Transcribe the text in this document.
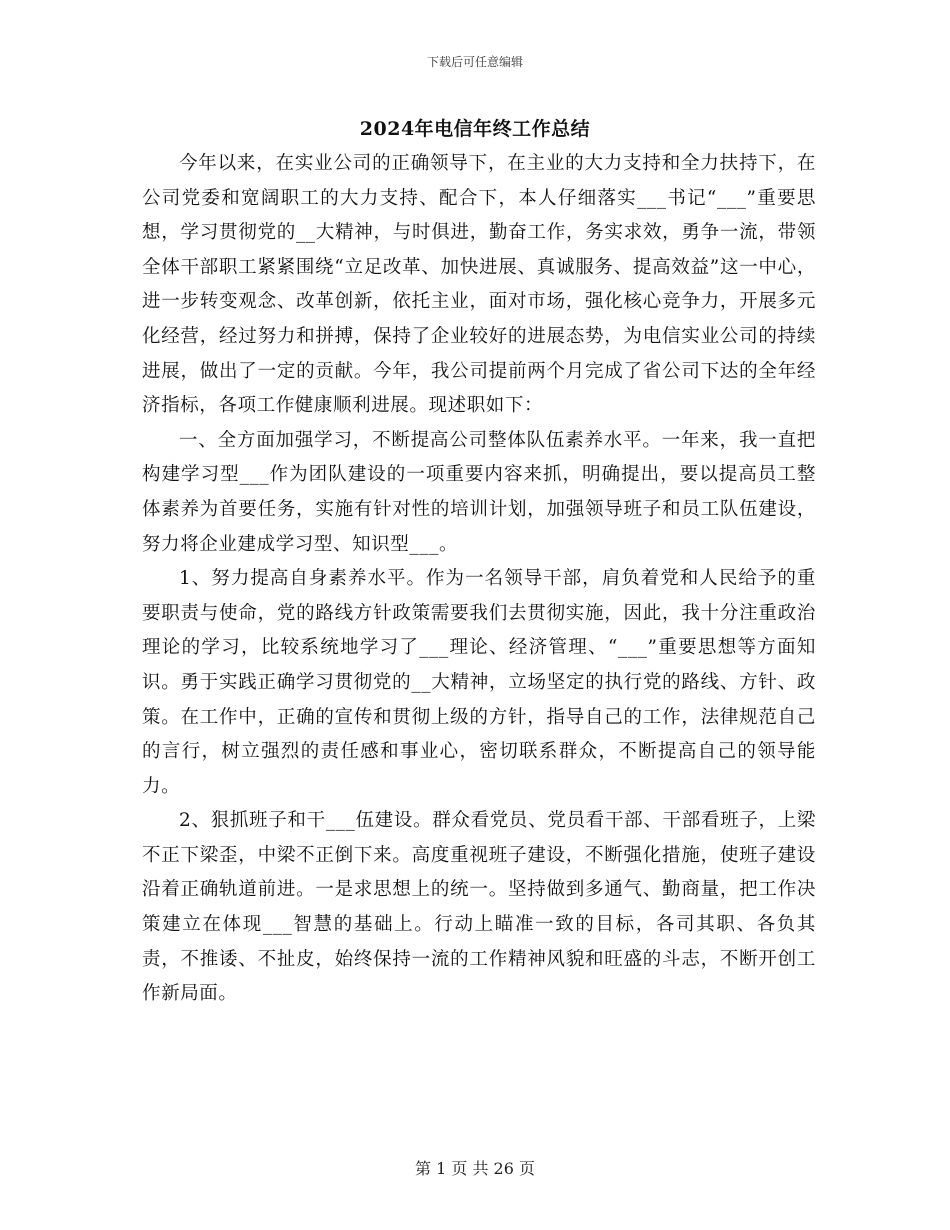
下载后可任意编辑
2024年电信年终工作总结

今年以来，在实业公司的正确领导下，在主业的大力支持和全力扶持下，在公司党委和宽阔职工的大力支持、配合下，本人仔细落实___书记“___”重要思想，学习贯彻党的__大精神，与时俱进，勤奋工作，务实求效，勇争一流，带领全体干部职工紧紧围绕“立足改革、加快进展、真诚服务、提高效益”这一中心，进一步转变观念、改革创新，依托主业，面对市场，强化核心竞争力，开展多元化经营，经过努力和拼搏，保持了企业较好的进展态势，为电信实业公司的持续进展，做出了一定的贡献。今年，我公司提前两个月完成了省公司下达的全年经济指标，各项工作健康顺利进展。现述职如下：

一、全方面加强学习，不断提高公司整体队伍素养水平。一年来，我一直把构建学习型___作为团队建设的一项重要内容来抓，明确提出，要以提高员工整体素养为首要任务，实施有针对性的培训计划，加强领导班子和员工队伍建设，努力将企业建成学习型、知识型___。

1、努力提高自身素养水平。作为一名领导干部，肩负着党和人民给予的重要职责与使命，党的路线方针政策需要我们去贯彻实施，因此，我十分注重政治理论的学习，比较系统地学习了___理论、经济管理、“___”重要思想等方面知识。勇于实践正确学习贯彻党的__大精神，立场坚定的执行党的路线、方针、政策。在工作中，正确的宣传和贯彻上级的方针，指导自己的工作，法律规范自己的言行，树立强烈的责任感和事业心，密切联系群众，不断提高自己的领导能力。

2、狠抓班子和干___伍建设。群众看党员、党员看干部、干部看班子，上梁不正下梁歪，中梁不正倒下来。高度重视班子建设，不断强化措施，使班子建设沿着正确轨道前进。一是求思想上的统一。坚持做到多通气、勤商量，把工作决策建立在体现___智慧的基础上。行动上瞄准一致的目标，各司其职、各负其责，不推诿、不扯皮，始终保持一流的工作精神风貌和旺盛的斗志，不断开创工作新局面。

第 1 页 共 26 页
